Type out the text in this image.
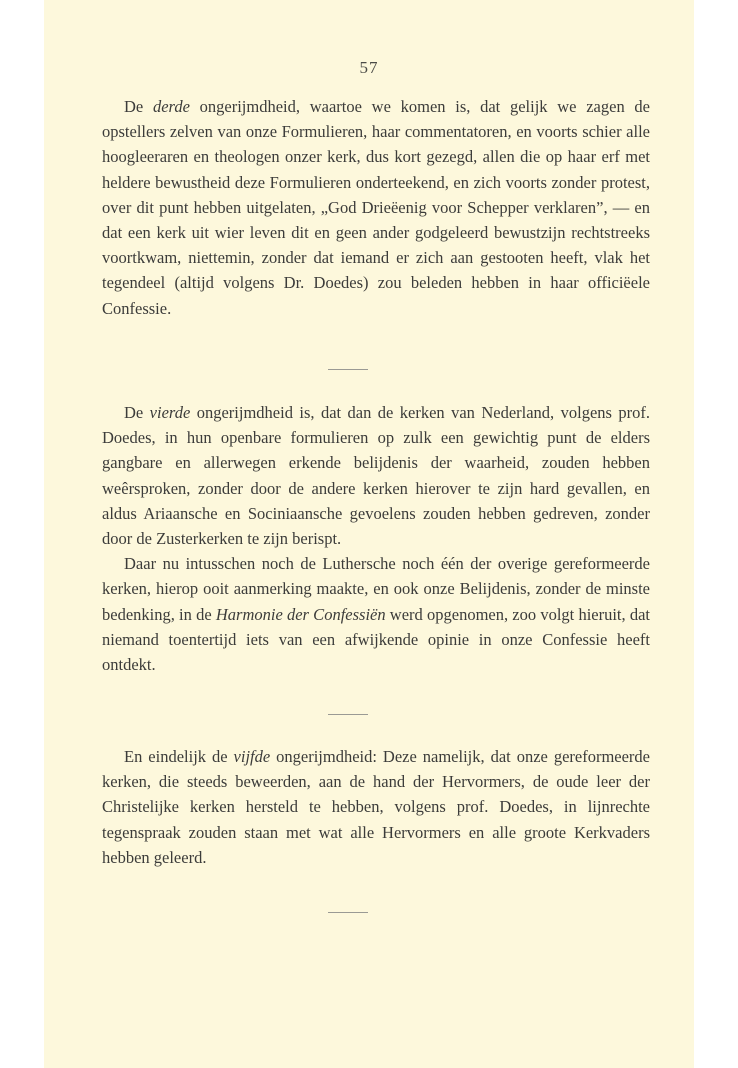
57

De derde ongerijmdheid, waartoe we komen is, dat gelijk we zagen de opstellers zelven van onze Formulieren, haar commentatoren, en voorts schier alle hoogleeraren en theologen onzer kerk, dus kort gezegd, allen die op haar erf met heldere bewustheid deze Formulieren onderteekend, en zich voorts zonder protest, over dit punt hebben uitgelaten, „God Drieëenig voor Schepper verklaren”, — en dat een kerk uit wier leven dit en geen ander godgeleerd bewustzijn rechtstreeks voortkwam, niettemin, zonder dat iemand er zich aan gestooten heeft, vlak het tegendeel (altijd volgens Dr. Doedes) zou beleden hebben in haar officiëele Confessie.

De vierde ongerijmdheid is, dat dan de kerken van Nederland, volgens prof. Doedes, in hun openbare formulieren op zulk een gewichtig punt de elders gangbare en allerwegen erkende belijdenis der waarheid, zouden hebben weêrsproken, zonder door de andere kerken hierover te zijn hard gevallen, en aldus Ariaansche en Sociniaansche gevoelens zouden hebben gedreven, zonder door de Zusterkerken te zijn berispt.

Daar nu intusschen noch de Luthersche noch één der overige gereformeerde kerken, hierop ooit aanmerking maakte, en ook onze Belijdenis, zonder de minste bedenking, in de Harmonie der Confessiën werd opgenomen, zoo volgt hieruit, dat niemand toentertijd iets van een afwijkende opinie in onze Confessie heeft ontdekt.

En eindelijk de vijfde ongerijmdheid: Deze namelijk, dat onze gereformeerde kerken, die steeds beweerden, aan de hand der Hervormers, de oude leer der Christelijke kerken hersteld te hebben, volgens prof. Doedes, in lijnrechte tegenspraak zouden staan met wat alle Hervormers en alle groote Kerkvaders hebben geleerd.
